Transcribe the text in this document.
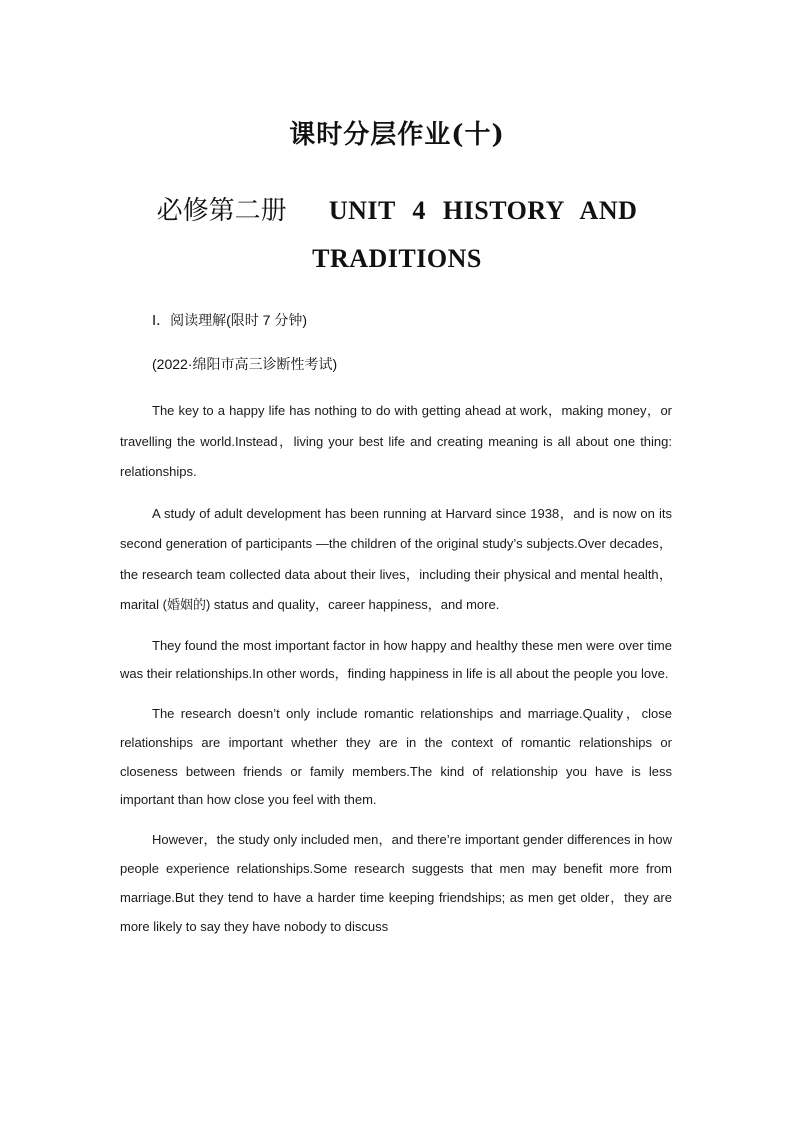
课时分层作业(十)
必修第二册 UNIT 4 HISTORY AND
TRADITIONS
Ⅰ．阅读理解(限时 7 分钟)
(2022·绵阳市高三诊断性考试)

The key to a happy life has nothing to do with getting ahead at work，making money，or travelling the world.Instead，living your best life and creating meaning is all about one thing: relationships.

A study of adult development has been running at Harvard since 1938，and is now on its second generation of participants —the children of the original study’s subjects.Over decades，the research team collected data about their lives，including their physical and mental health，marital (婚姻的) status and quality，career happiness，and more.

They found the most important factor in how happy and healthy these men were over time was their relationships.In other words，finding happiness in life is all about the people you love.

The research doesn’t only include romantic relationships and marriage.Quality，close relationships are important whether they are in the context of romantic relationships or closeness between friends or family members.The kind of relationship you have is less important than how close you feel with them.

However，the study only included men，and there’re important gender differences in how people experience relationships.Some research suggests that men may benefit more from marriage.But they tend to have a harder time keeping friendships; as men get older，they are more likely to say they have nobody to discuss
